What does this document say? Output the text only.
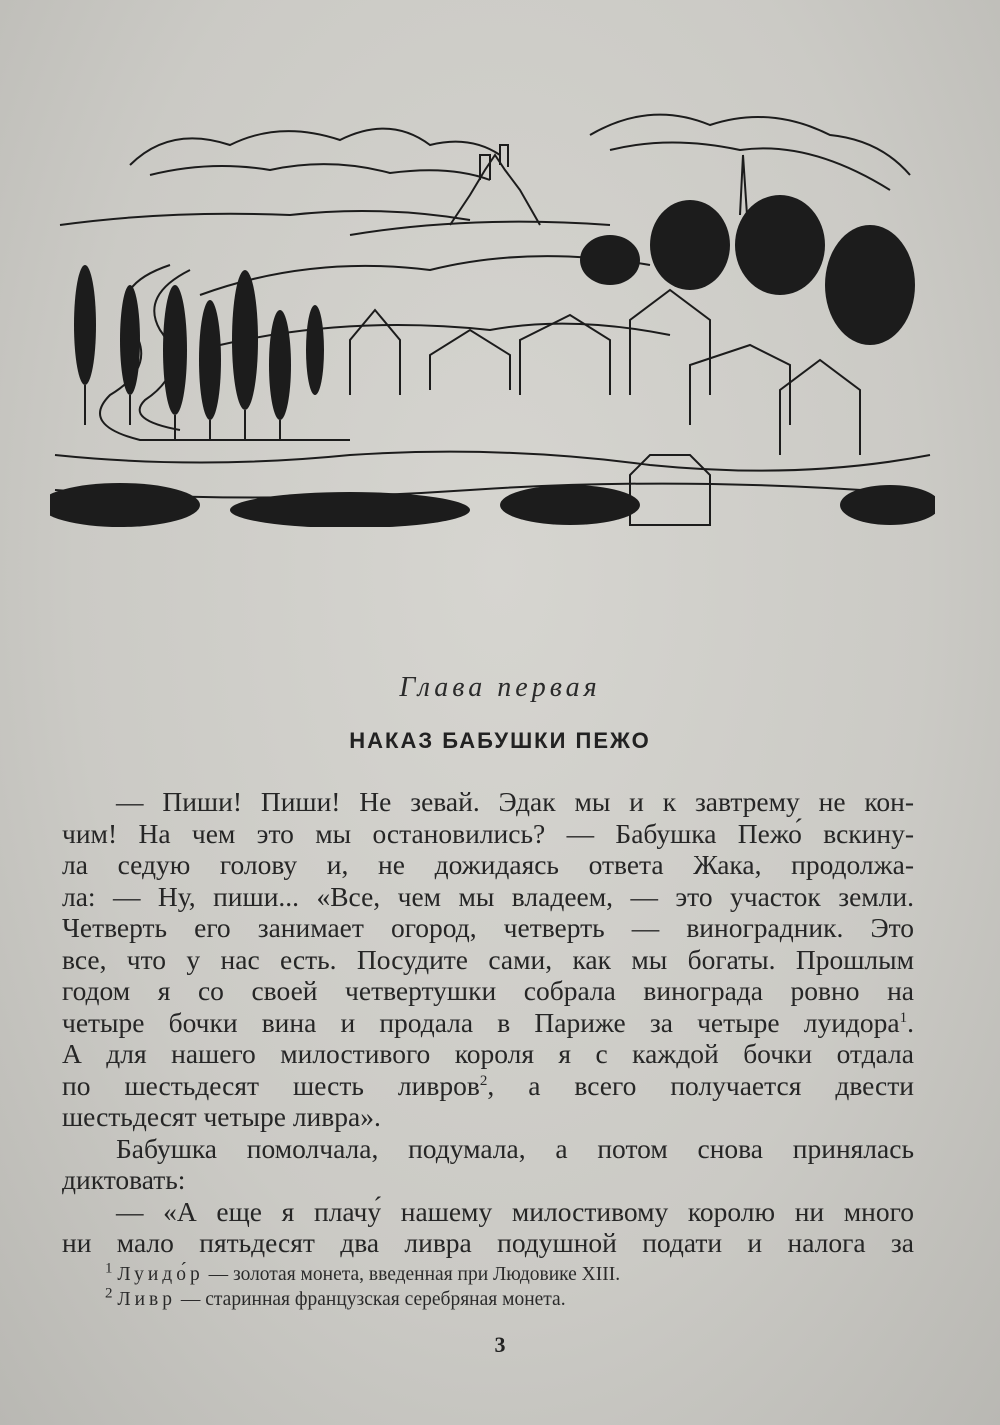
Глава первая
НАКАЗ БАБУШКИ ПЕЖО
— Пиши! Пиши! Не зевай. Эдак мы и к завтрему не кон-
чим! На чем это мы остановились? — Бабушка Пежо́ вскину-
ла седую голову и, не дожидаясь ответа Жака, продолжа-
ла: — Ну, пиши... «Все, чем мы владеем, — это участок земли.
Четверть его занимает огород, четверть — виноградник. Это
все, что у нас есть. Посудите сами, как мы богаты. Прошлым
годом я со своей четвертушки собрала винограда ровно на
четыре бочки вина и продала в Париже за четыре луидора$^1$.
А для нашего милостивого короля я с каждой бочки отдала
по шестьдесят шесть ливров$^2$, а всего получается двести
шестьдесят четыре ливра».
Бабушка помолчала, подумала, а потом снова принялась
диктовать:
— «А еще я плачу́ нашему милостивому королю ни много
ни мало пятьдесят два ливра подушной подати и налога за
$^1$ Луидо́р — золотая монета, введенная при Людовике XIII.
$^2$ Ливр — старинная французская серебряная монета.
3
